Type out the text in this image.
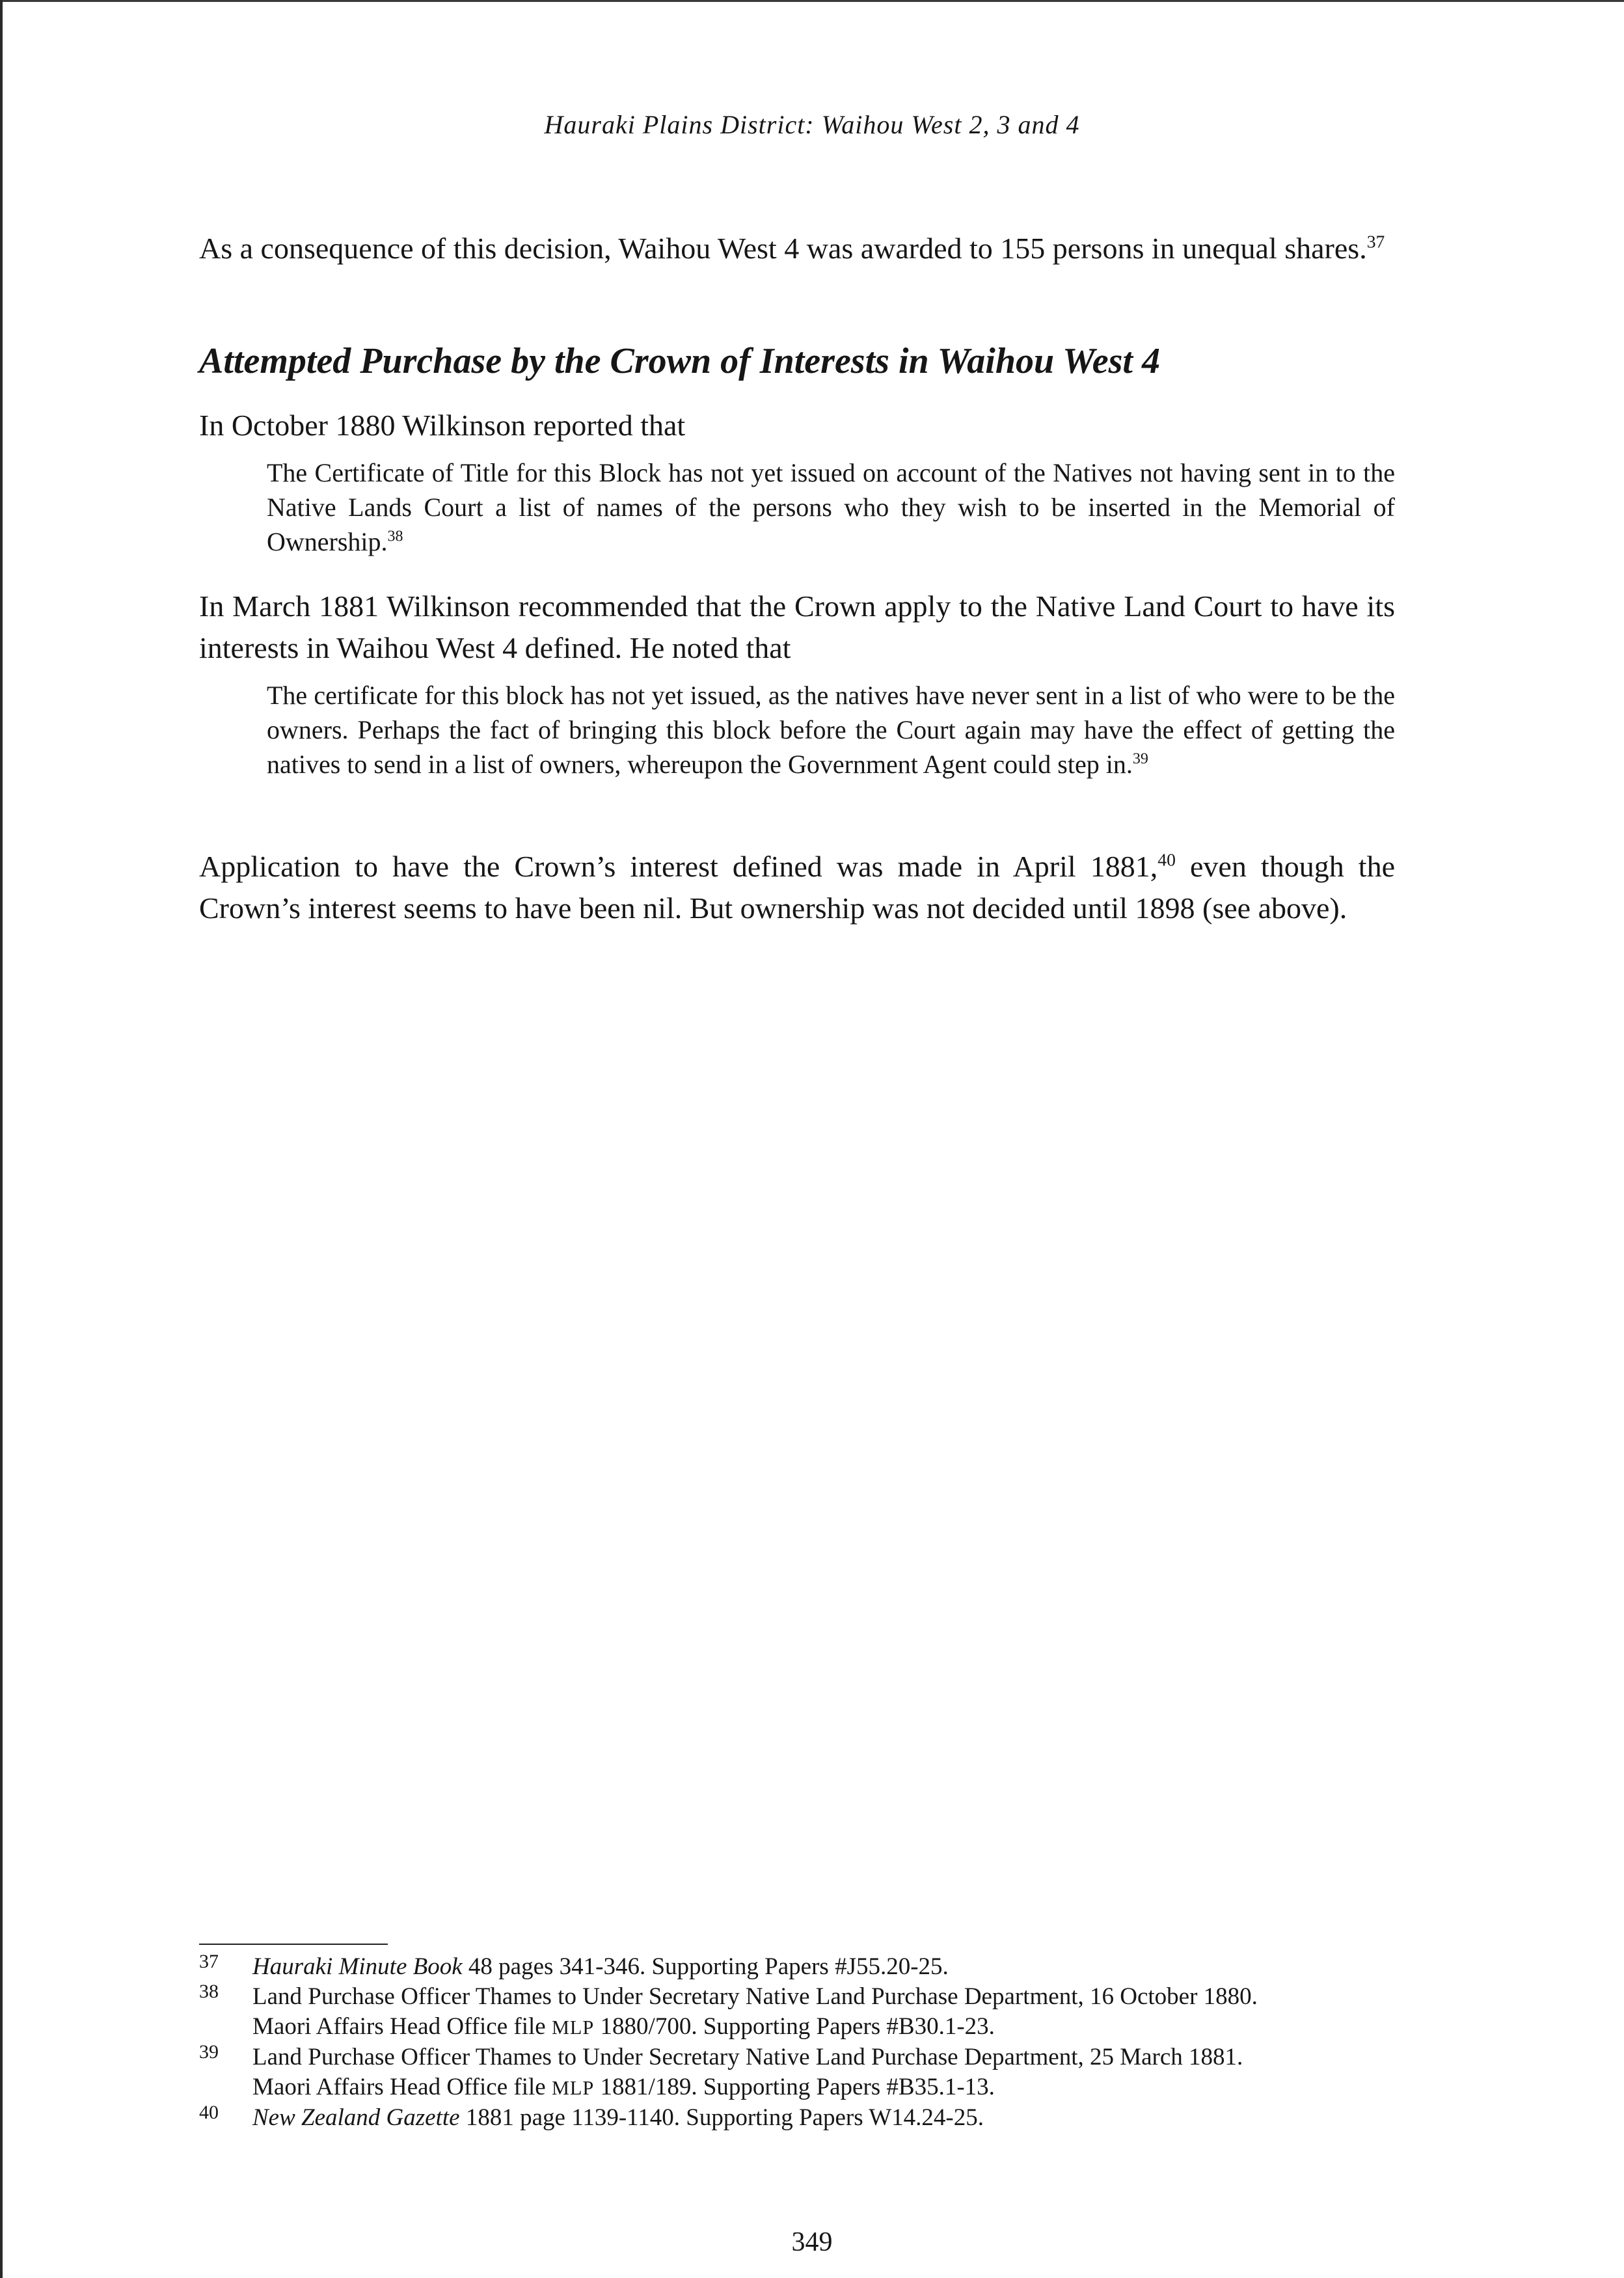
Hauraki Plains District: Waihou West 2, 3 and 4

As a consequence of this decision, Waihou West 4 was awarded to 155 persons in unequal shares.$^{37}$

Attempted Purchase by the Crown of Interests in Waihou West 4

In October 1880 Wilkinson reported that

The Certificate of Title for this Block has not yet issued on account of the Natives not having sent in to the Native Lands Court a list of names of the persons who they wish to be inserted in the Memorial of Ownership.$^{38}$

In March 1881 Wilkinson recommended that the Crown apply to the Native Land Court to have its interests in Waihou West 4 defined. He noted that

The certificate for this block has not yet issued, as the natives have never sent in a list of who were to be the owners. Perhaps the fact of bringing this block before the Court again may have the effect of getting the natives to send in a list of owners, whereupon the Government Agent could step in.$^{39}$

Application to have the Crown’s interest defined was made in April 1881,40 even though the Crown’s interest seems to have been nil. But ownership was not decided until 1898 (see above).

37 Hauraki Minute Book 48 pages 341-346. Supporting Papers #J55.20-25.
38 Land Purchase Officer Thames to Under Secretary Native Land Purchase Department, 16 October 1880.
Maori Affairs Head Office file MLP 1880/700. Supporting Papers #B30.1-23.
39 Land Purchase Officer Thames to Under Secretary Native Land Purchase Department, 25 March 1881.
Maori Affairs Head Office file MLP 1881/189. Supporting Papers #B35.1-13.
40 New Zealand Gazette 1881 page 1139-1140. Supporting Papers W14.24-25.
349
